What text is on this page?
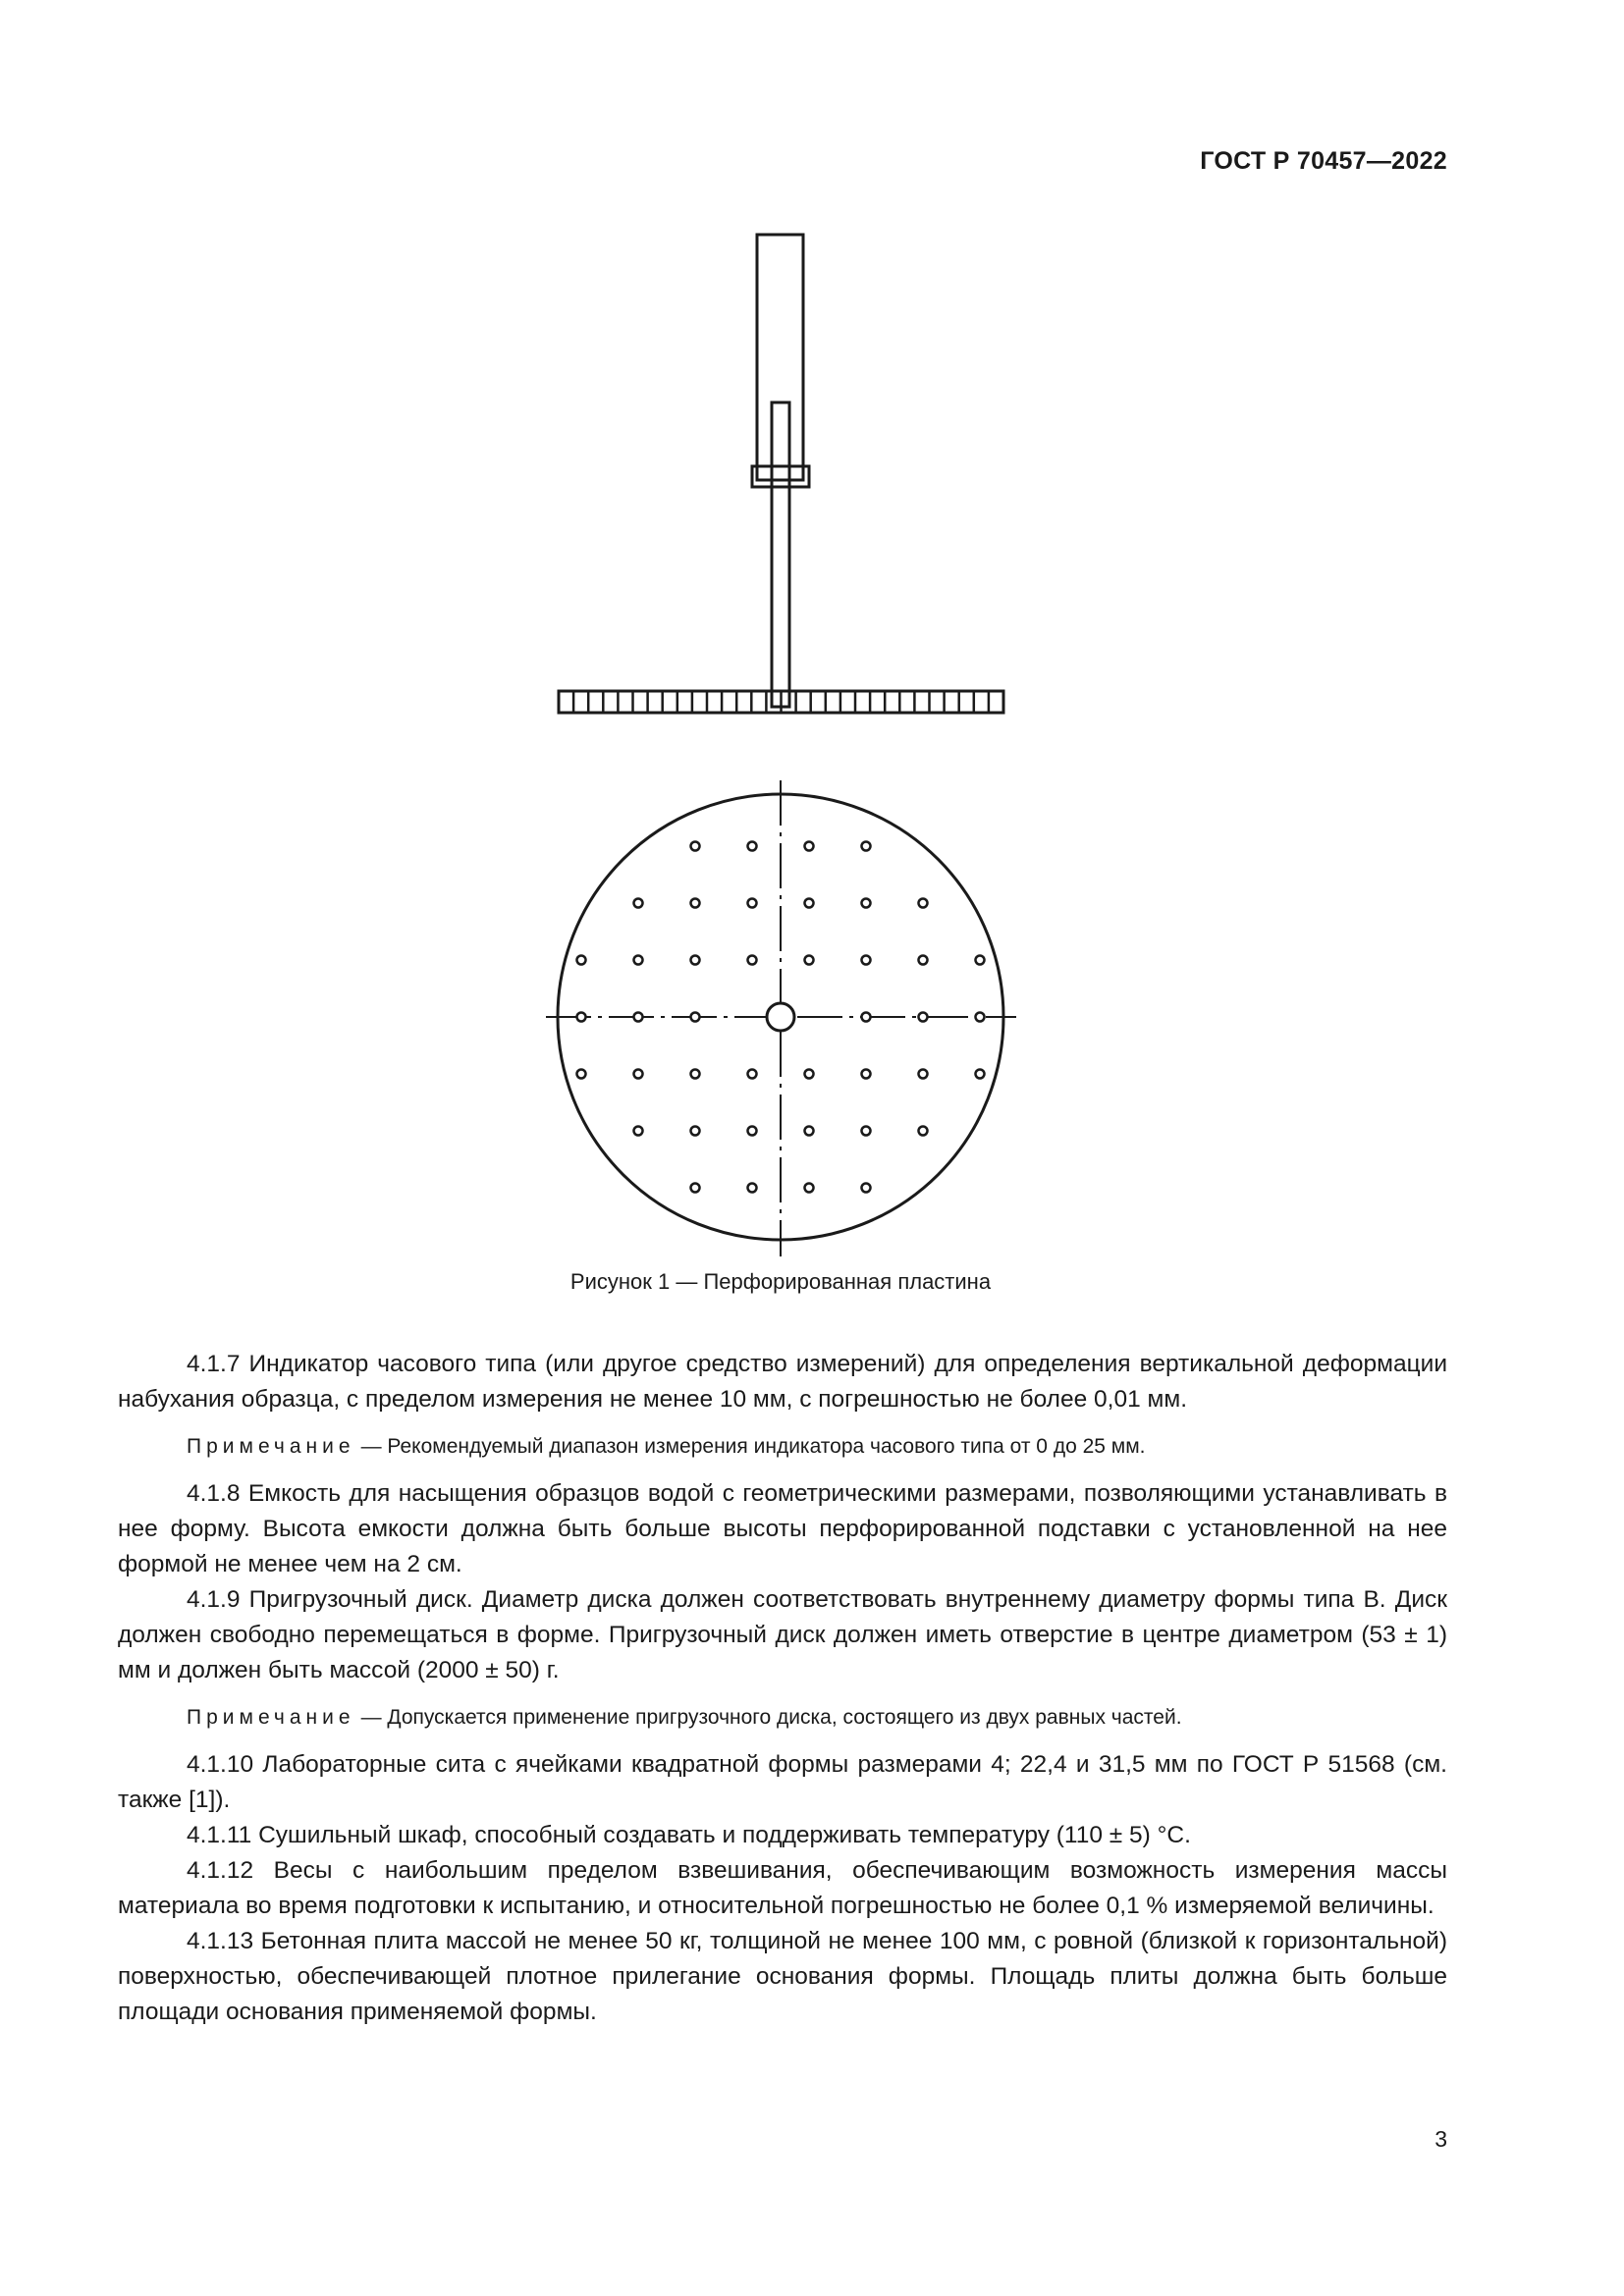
ГОСТ Р 70457—2022
Рисунок 1 — Перфорированная пластина

4.1.7 Индикатор часового типа (или другое средство измерений) для определения вертикальной деформации набухания образца, с пределом измерения не менее 10 мм, с погрешностью не более 0,01 мм.

Примечание — Рекомендуемый диапазон измерения индикатора часового типа от 0 до 25 мм.

4.1.8 Емкость для насыщения образцов водой с геометрическими размерами, позволяющими устанавливать в нее форму. Высота емкости должна быть больше высоты перфорированной подставки с установленной на нее формой не менее чем на 2 см.

4.1.9 Пригрузочный диск. Диаметр диска должен соответствовать внутреннему диаметру формы типа В. Диск должен свободно перемещаться в форме. Пригрузочный диск должен иметь отверстие в центре диаметром (53 ± 1) мм и должен быть массой (2000 ± 50) г.

Примечание — Допускается применение пригрузочного диска, состоящего из двух равных частей.

4.1.10 Лабораторные сита с ячейками квадратной формы размерами 4; 22,4 и 31,5 мм по ГОСТ Р 51568 (см. также [1]).

4.1.11 Сушильный шкаф, способный создавать и поддерживать температуру (110 ± 5) °С.

4.1.12 Весы с наибольшим пределом взвешивания, обеспечивающим возможность измерения массы материала во время подготовки к испытанию, и относительной погрешностью не более 0,1 % измеряемой величины.

4.1.13 Бетонная плита массой не менее 50 кг, толщиной не менее 100 мм, с ровной (близкой к горизонтальной) поверхностью, обеспечивающей плотное прилегание основания формы. Площадь плиты должна быть больше площади основания применяемой формы.

3
